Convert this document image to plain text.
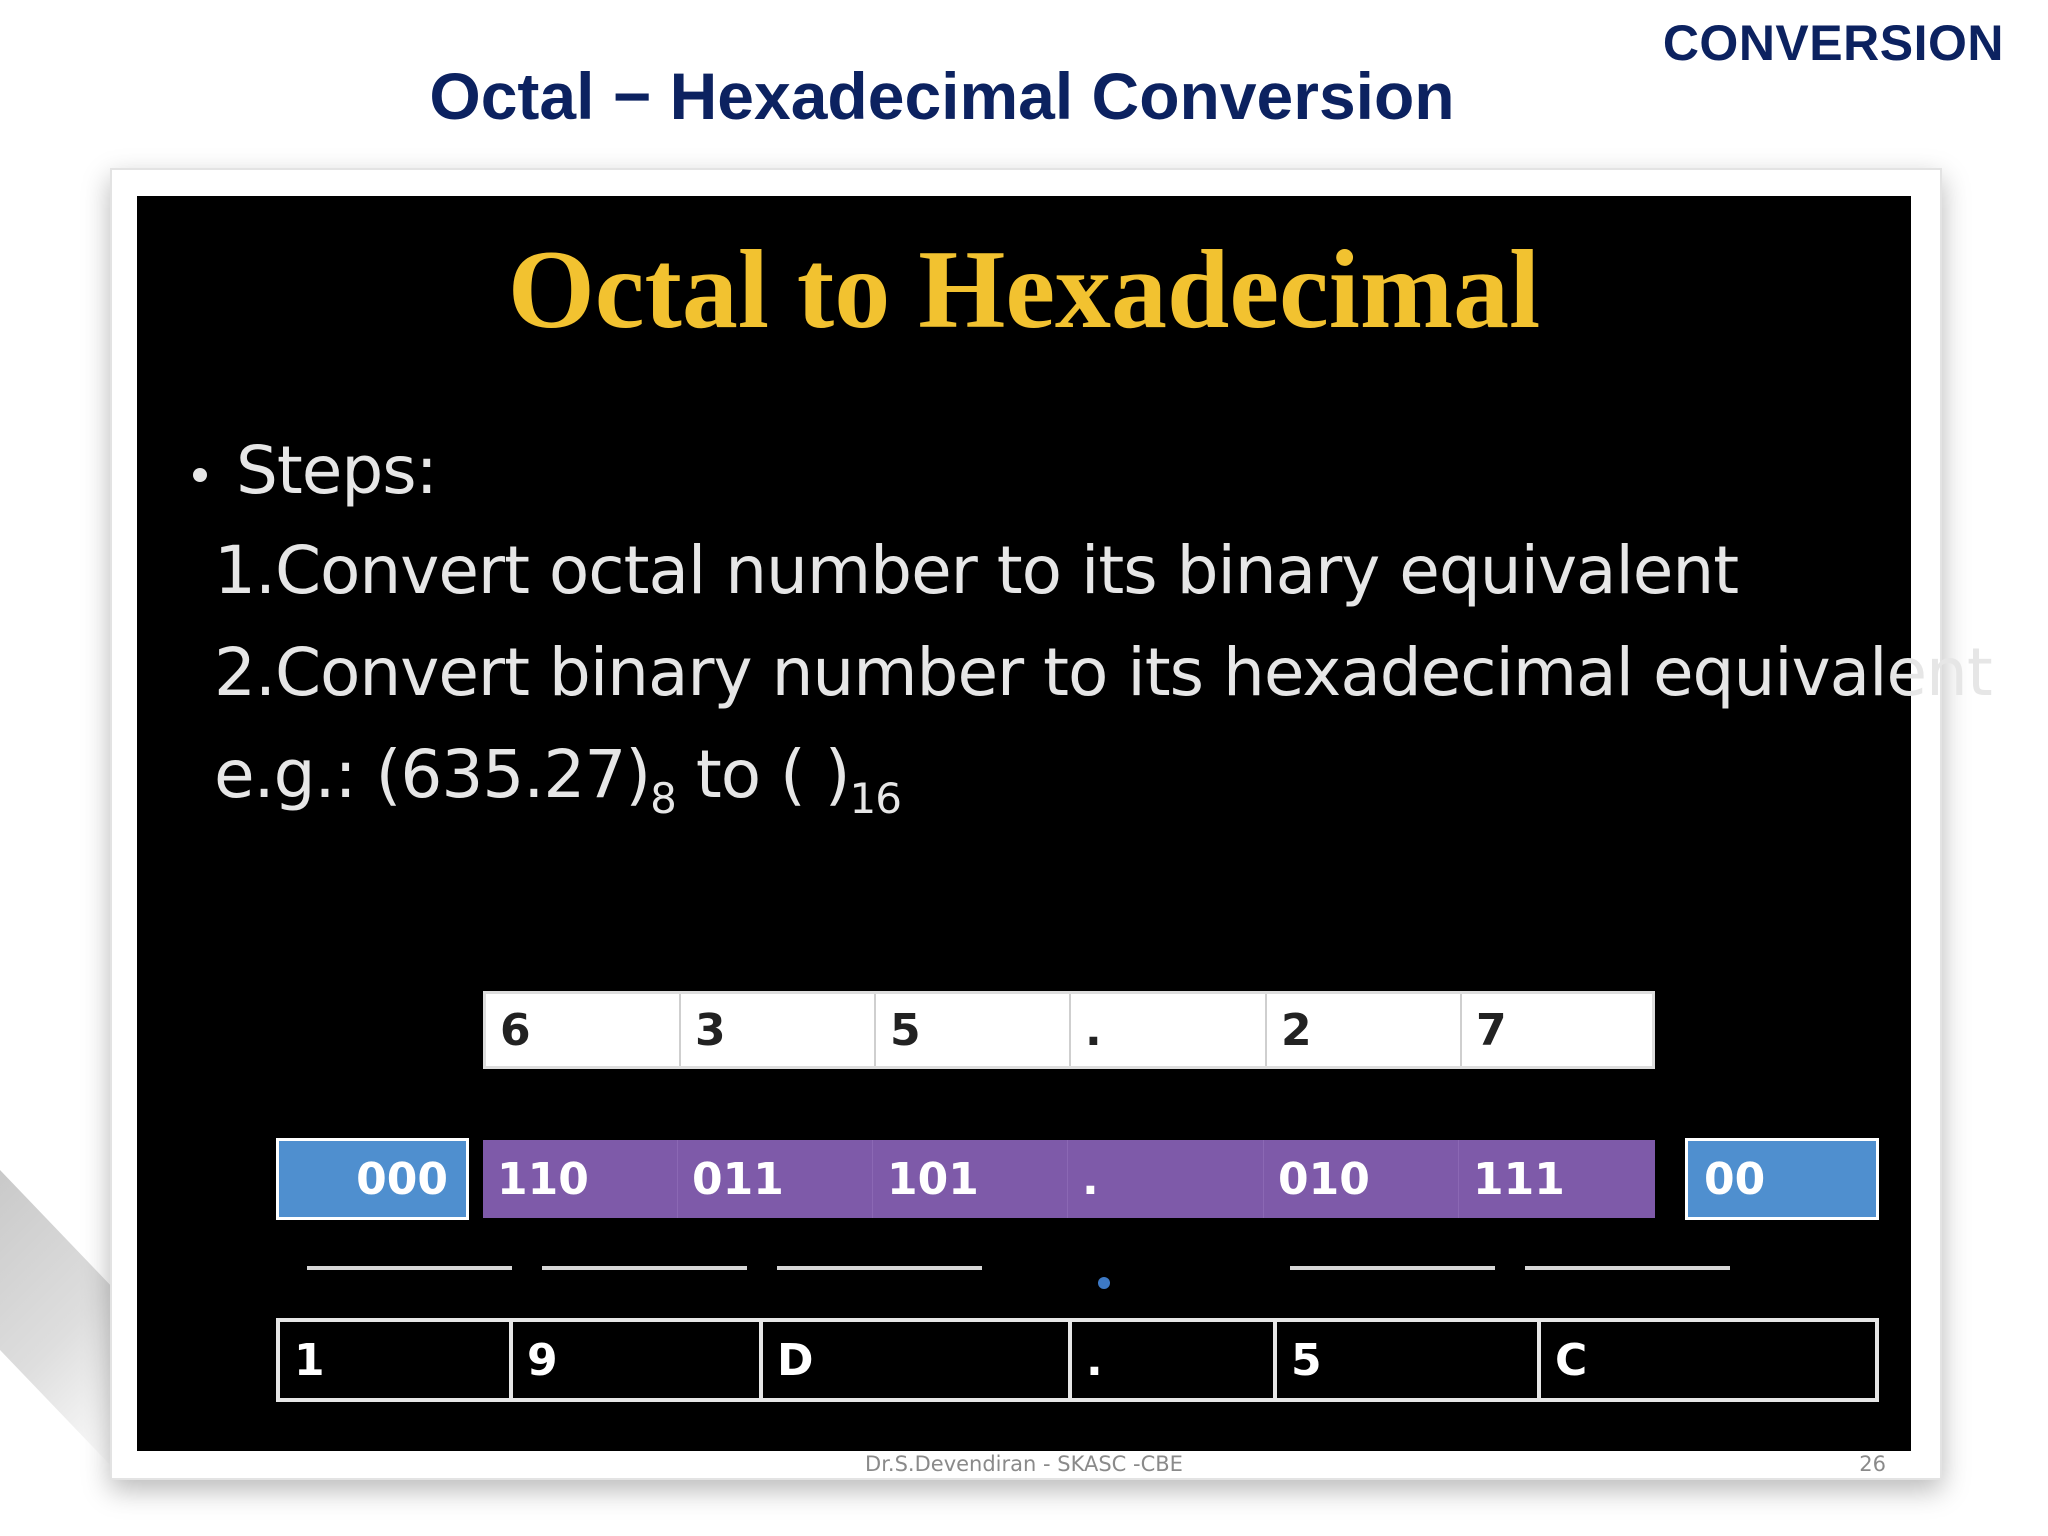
CONVERSION
Octal − Hexadecimal Conversion
Octal to Hexadecimal
Steps:
1.Convert octal number to its binary equivalent
2.Convert binary number to its hexadecimal equivalent
e.g.: $(635.27)_8$ to ( )$_{16}$
6	3	5	.	2	7
000	110	011	101	.	010	111	00
1	9	D	.	5	C
Dr.S.Devendiran - SKASC -CBE	26
